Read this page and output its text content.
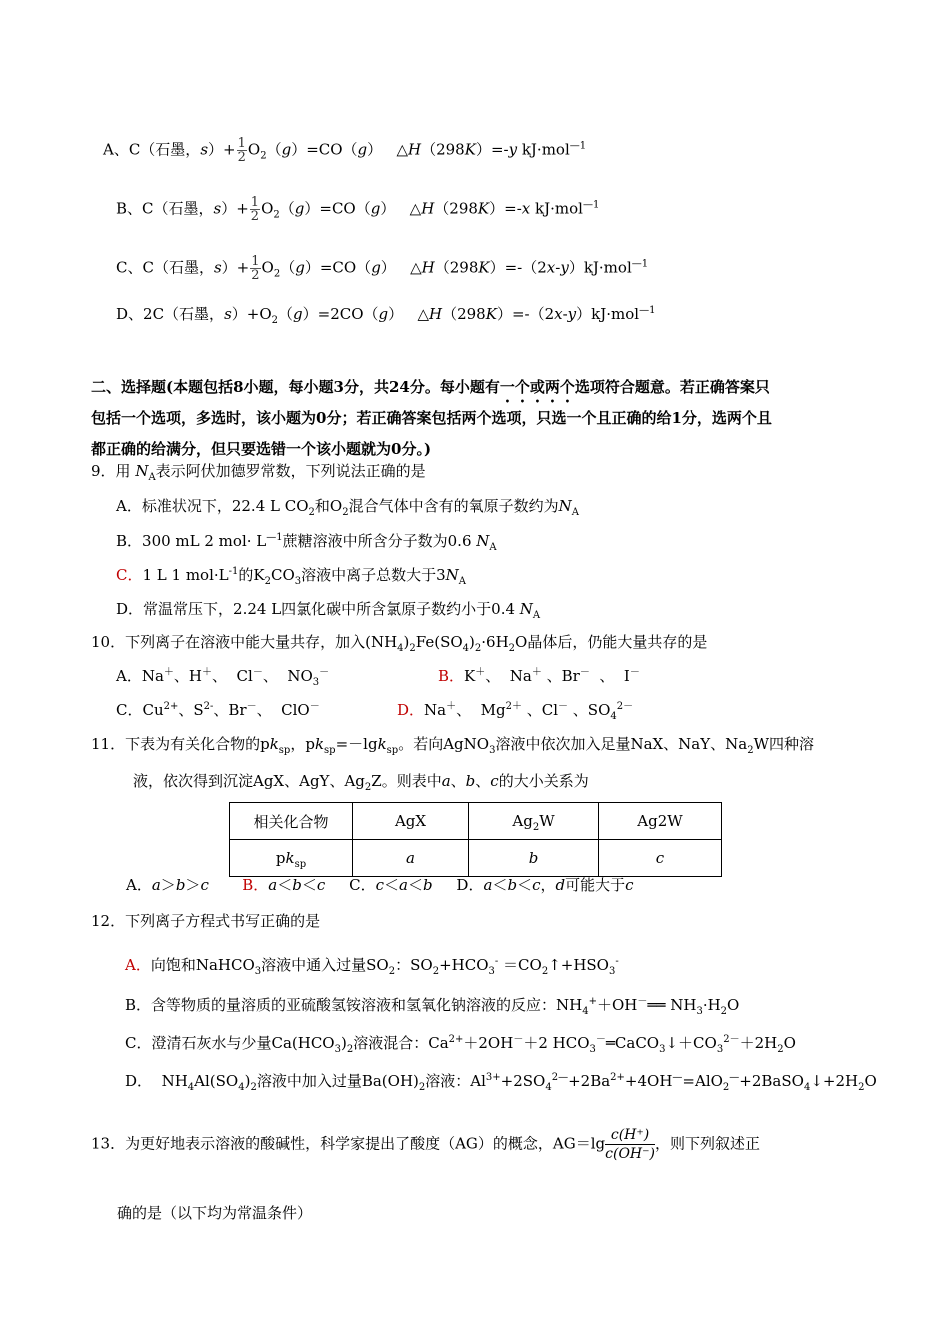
A、C（石墨，$s)+ \frac{1}{2} O_2(g)=CO(g)$   △H（298K）=-y kJ·mol$^{—1}$
B、C（石墨，$s)+ \frac{1}{2} O_2(g)=CO(g)$   △H（298K）=-x kJ·mol$^{—1}$
C、C（石墨，$s)+ \frac{1}{2} O_2(g)=CO(g)$   △H（298K）=-（2x-y）kJ·mol$^{—1}$
D、2C（石墨，$s)+O_2(g)=2CO(g)$   △H（298K）=-（2x-y）kJ·mol$^{—1}$
二、选择题(本题包括8小题，每小题3分，共24分。每小题有一个或两个选项符合题意。若正确答案只
包括一个选项，多选时，该小题为0分；若正确答案包括两个选项，只选一个且正确的给1分，选两个且
都正确的给满分，但只要选错一个该小题就为0分。)
9．用 $N_A$表示阿伏加德罗常数，下列说法正确的是
A．标准状况下，22.4 L $CO_2$和$O_2$混合气体中含有的氧原子数约为$N_A$
B．300 mL 2 $mol\cdot L^{—1}$蔗糖溶液中所含分子数为0.6 $N_A$
C．1 L 1 $mol\cdot L^{-1}$的$K_2CO_3$溶液中离子总数大于$3N_A$
D．常温常压下，2.24 L四氯化碳中所含氯原子数约小于0.4 $N_A$
10．下列离子在溶液中能大量共存，加入$(NH_4)_2Fe(SO_4)_2\cdot 6H_2O$晶体后，仍能大量共存的是
A．Na＋、H＋、  Cl－、  $NO_3^-$	B．K＋、  Na＋ 、Br－  、  I－
C．$Cu^{2+}$、$S^{2-}$、Br－、  ClO－	D．Na＋、  $Mg^{2+}$ 、Cl－ 、$SO_4^{2-}$
11．下表为有关化合物的$pk_{sp}$，$pk_{sp}=-\lg k_{sp}$。若向AgNO$_3$溶液中依次加入足量NaX、NaY、$Na_2W$四种溶
液，依次得到沉淀AgX、AgY、$Ag_2Z$。则表中a、b、c的大小关系为
相关化合物	AgX	$Ag_2W$	Ag2W
$pk_{sp}$	a	b	c
A．a＞b＞c B．a＜b＜c     C．c＜a＜b     D．a＜b＜c，d可能大于c
12．下列离子方程式书写正确的是
A．向饱和NaHCO$_3$溶液中通入过量$SO_2$：$SO_2+HCO_3^-$ $=CO_2↑+HSO_3^-$
B．含等物质的量溶质的亚硫酸氢铵溶液和氢氧化钠溶液的反应：$NH_4^++OH^-══$ $NH_3\cdot H_2O$
C．澄清石灰水与少量$Ca(HCO_3)_2$溶液混合：$Ca^{2+}+2OH^-+2$ $HCO_3^-═CaCO_3↓+CO_3^{2-}+2H_2O$
D．  $NH_4Al(SO_4)_2$溶液中加入过量$Ba(OH)_2$溶液：$Al^{3+}+2SO_4^{2—}+2Ba^{2+}+4OH^—=AlO_2^—+2BaSO_4↓+2H_2O$
13．为更好地表示溶液的酸碱性，科学家提出了酸度（AG）的概念，$AG=\lg \frac{c(H^+)}{c(OH^-)}$ ，则下列叙述正
确的是（以下均为常温条件）
